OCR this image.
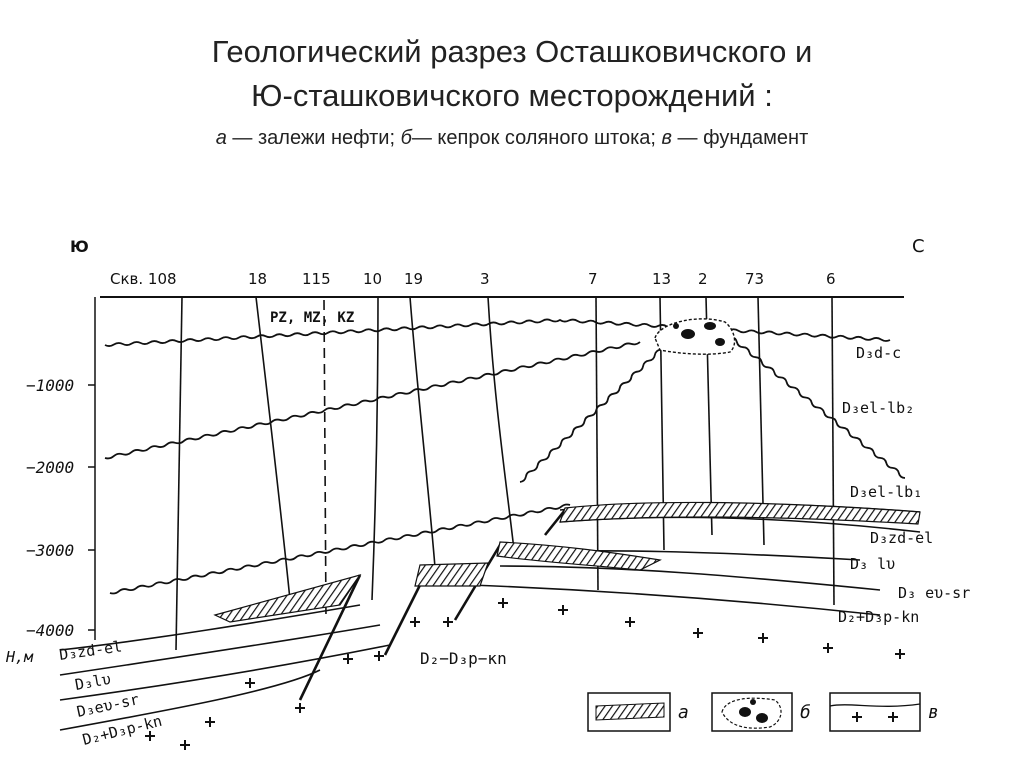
Геологический разрез Осташковичского и
Ю-сташковичского месторождений :
а — залежи нефти; б— кепрок соляного штока; в — фундамент
Ю	С
Скв. 108	18 115 10 19	3	7	13 2 73	6
−1000
−2000
−3000
−4000
Н,м
D₃d-c
D₃el-lb₂
D₃el-lb₁
D₃zd-el
D₃ lυ
D₃ eυ-sr
D₂+D₃p-kn
D₃zd-el
D₃lυ
D₃eυ-sr
D₂+D₃p-kn
PZ, MZ, KZ
D₂−D₃p−кn
а	б	в
